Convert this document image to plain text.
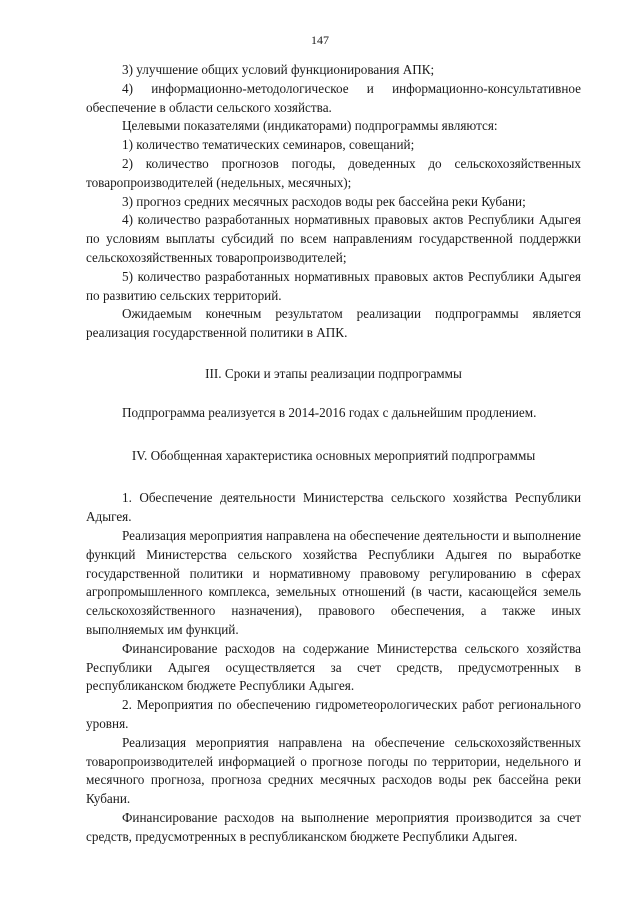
147

3) улучшение общих условий функционирования АПК;

4) информационно-методологическое и информационно-консультативное обеспечение в области сельского хозяйства.

Целевыми показателями (индикаторами) подпрограммы являются:

1) количество тематических семинаров, совещаний;

2) количество прогнозов погоды, доведенных до сельскохозяйственных товаропроизводителей (недельных, месячных);

3) прогноз средних месячных расходов воды рек бассейна реки Кубани;

4) количество разработанных нормативных правовых актов Республики Адыгея по условиям выплаты субсидий по всем направлениям государственной поддержки сельскохозяйственных товаропроизводителей;

5) количество разработанных нормативных правовых актов Республики Адыгея по развитию сельских территорий.

Ожидаемым конечным результатом реализации подпрограммы является реализация государственной политики в АПК.

III. Сроки и этапы реализации подпрограммы

Подпрограмма реализуется в 2014-2016 годах с дальнейшим продлением.

IV. Обобщенная характеристика основных мероприятий подпрограммы

1. Обеспечение деятельности Министерства сельского хозяйства Республики Адыгея.

Реализация мероприятия направлена на обеспечение деятельности и выполнение функций Министерства сельского хозяйства Республики Адыгея по выработке государственной политики и нормативному правовому регулированию в сферах агропромышленного комплекса, земельных отношений (в части, касающейся земель сельскохозяйственного назначения), правового обеспечения, а также иных выполняемых им функций.

Финансирование расходов на содержание Министерства сельского хозяйства Республики Адыгея осуществляется за счет средств, предусмотренных в республиканском бюджете Республики Адыгея.

2. Мероприятия по обеспечению гидрометеорологических работ регионального уровня.

Реализация мероприятия направлена на обеспечение сельскохозяйственных товаропроизводителей информацией о прогнозе погоды по территории, недельного и месячного прогноза, прогноза средних месячных расходов воды рек бассейна реки Кубани.

Финансирование расходов на выполнение мероприятия производится за счет средств, предусмотренных в республиканском бюджете Республики Адыгея.
